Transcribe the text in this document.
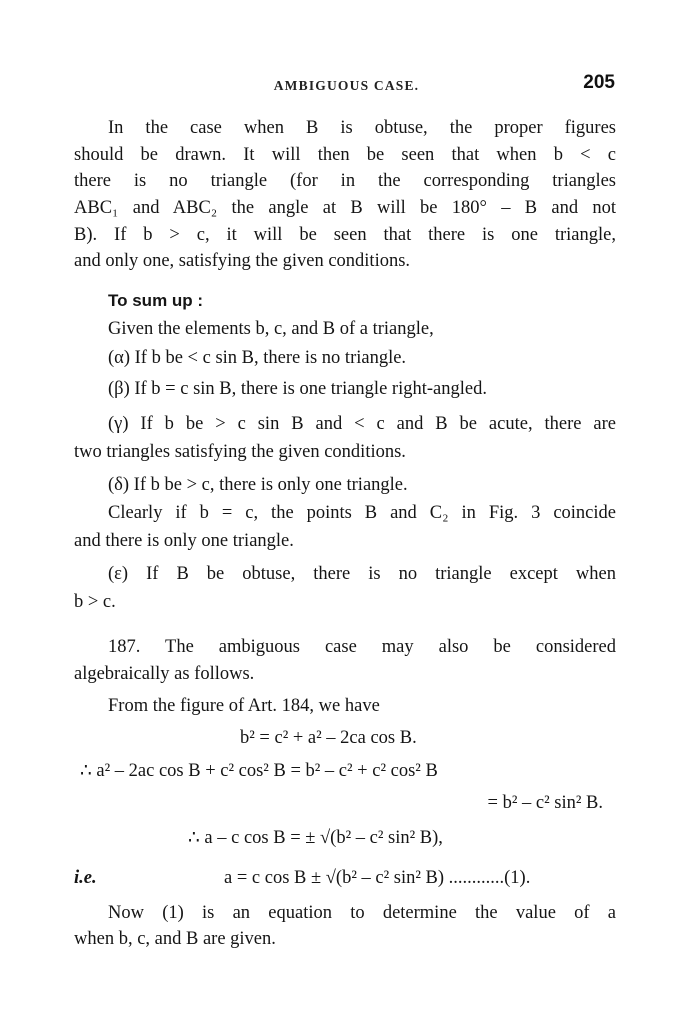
AMBIGUOUS CASE.	205
In the case when B is obtuse, the proper figures
should be drawn. It will then be seen that when b < c
there is no triangle (for in the corresponding triangles
ABC₁ and ABC₂ the angle at B will be 180° – B and not
B). If b > c, it will be seen that there is one triangle,
and only one, satisfying the given conditions.
To sum up :
Given the elements b, c, and B of a triangle,
(α) If b be < c sin B, there is no triangle.
(β) If b = c sin B, there is one triangle right-angled.
(γ) If b be > c sin B and < c and B be acute, there are
two triangles satisfying the given conditions.
(δ) If b be > c, there is only one triangle.
Clearly if b = c, the points B and C₂ in Fig. 3 coincide
and there is only one triangle.
(ε) If B be obtuse, there is no triangle except when
b > c.
187. The ambiguous case may also be considered
algebraically as follows.
From the figure of Art. 184, we have
b² = c² + a² – 2ca cos B.
∴ a² – 2ac cos B + c² cos² B = b² – c² + c² cos² B
= b² – c² sin² B.
∴ a – c cos B = ± √(b² – c² sin² B),
i.e.	a = c cos B ± √(b² – c² sin² B) ............(1).
Now (1) is an equation to determine the value of a
when b, c, and B are given.
